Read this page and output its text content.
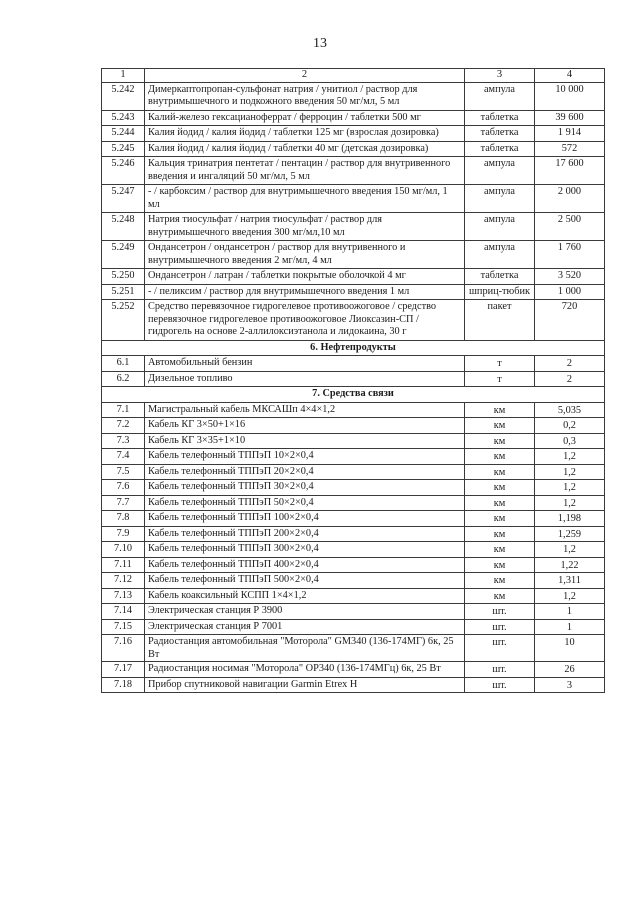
13
1	2	3	4
5.242	Димеркаптопропан-сульфонат натрия / унитиол / раствор для внутримышечного и подкожного введения 50 мг/мл, 5 мл	ампула	10 000
5.243	Калий-железо гексацианоферрат / ферроцин / таблетки 500 мг	таблетка	39 600
5.244	Калия йодид / калия йодид / таблетки 125 мг (взрослая дозировка)	таблетка	1 914
5.245	Калия йодид / калия йодид / таблетки 40 мг (детская дозировка)	таблетка	572
5.246	Кальция тринатрия пентетат / пентацин / раствор для внутривенного введения и ингаляций 50 мг/мл, 5 мл	ампула	17 600
5.247	- / карбоксим / раствор для внутримышечного введения 150 мг/мл, 1 мл	ампула	2 000
5.248	Натрия тиосульфат / натрия тиосульфат / раствор для внутримышечного введения 300 мг/мл,10 мл	ампула	2 500
5.249	Ондансетрон / ондансетрон / раствор для внутривенного и внутримышечного введения 2 мг/мл, 4 мл	ампула	1 760
5.250	Ондансетрон / латран / таблетки покрытые оболочкой 4 мг	таблетка	3 520
5.251	- / пеликсим / раствор для внутримышечного введения 1 мл	шприц-тюбик	1 000
5.252	Средство перевязочное гидрогелевое противоожоговое / средство перевязочное гидрогелевое противоожоговое Лиоксазин-СП / гидрогель на основе 2-аллилоксиэтанола и лидокаина, 30 г	пакет	720
6. Нефтепродукты			
6.1	Автомобильный бензин	т	2
6.2	Дизельное топливо	т	2
7. Средства связи			
7.1	Магистральный кабель МКСАШп 4×4×1,2	км	5,035
7.2	Кабель КГ 3×50+1×16	км	0,2
7.3	Кабель КГ 3×35+1×10	км	0,3
7.4	Кабель телефонный ТППэП 10×2×0,4	км	1,2
7.5	Кабель телефонный ТППэП 20×2×0,4	км	1,2
7.6	Кабель телефонный ТППэП 30×2×0,4	км	1,2
7.7	Кабель телефонный ТППэП 50×2×0,4	км	1,2
7.8	Кабель телефонный ТППэП 100×2×0,4	км	1,198
7.9	Кабель телефонный ТППэП 200×2×0,4	км	1,259
7.10	Кабель телефонный ТППэП 300×2×0,4	км	1,2
7.11	Кабель телефонный ТППэП 400×2×0,4	км	1,22
7.12	Кабель телефонный ТППэП 500×2×0,4	км	1,311
7.13	Кабель коаксильный КСПП 1×4×1,2	км	1,2
7.14	Электрическая станция Р 3900	шт.	1
7.15	Электрическая станция Р 7001	шт.	1
7.16	Радиостанция автомобильная "Моторола" GM340 (136-174МГ) 6к, 25 Вт	шт.	10
7.17	Радиостанция носимая "Моторола" ОР340 (136-174МГц) 6к, 25 Вт	шт.	26
7.18	Прибор спутниковой навигации Garmin Etrex H	шт.	3
